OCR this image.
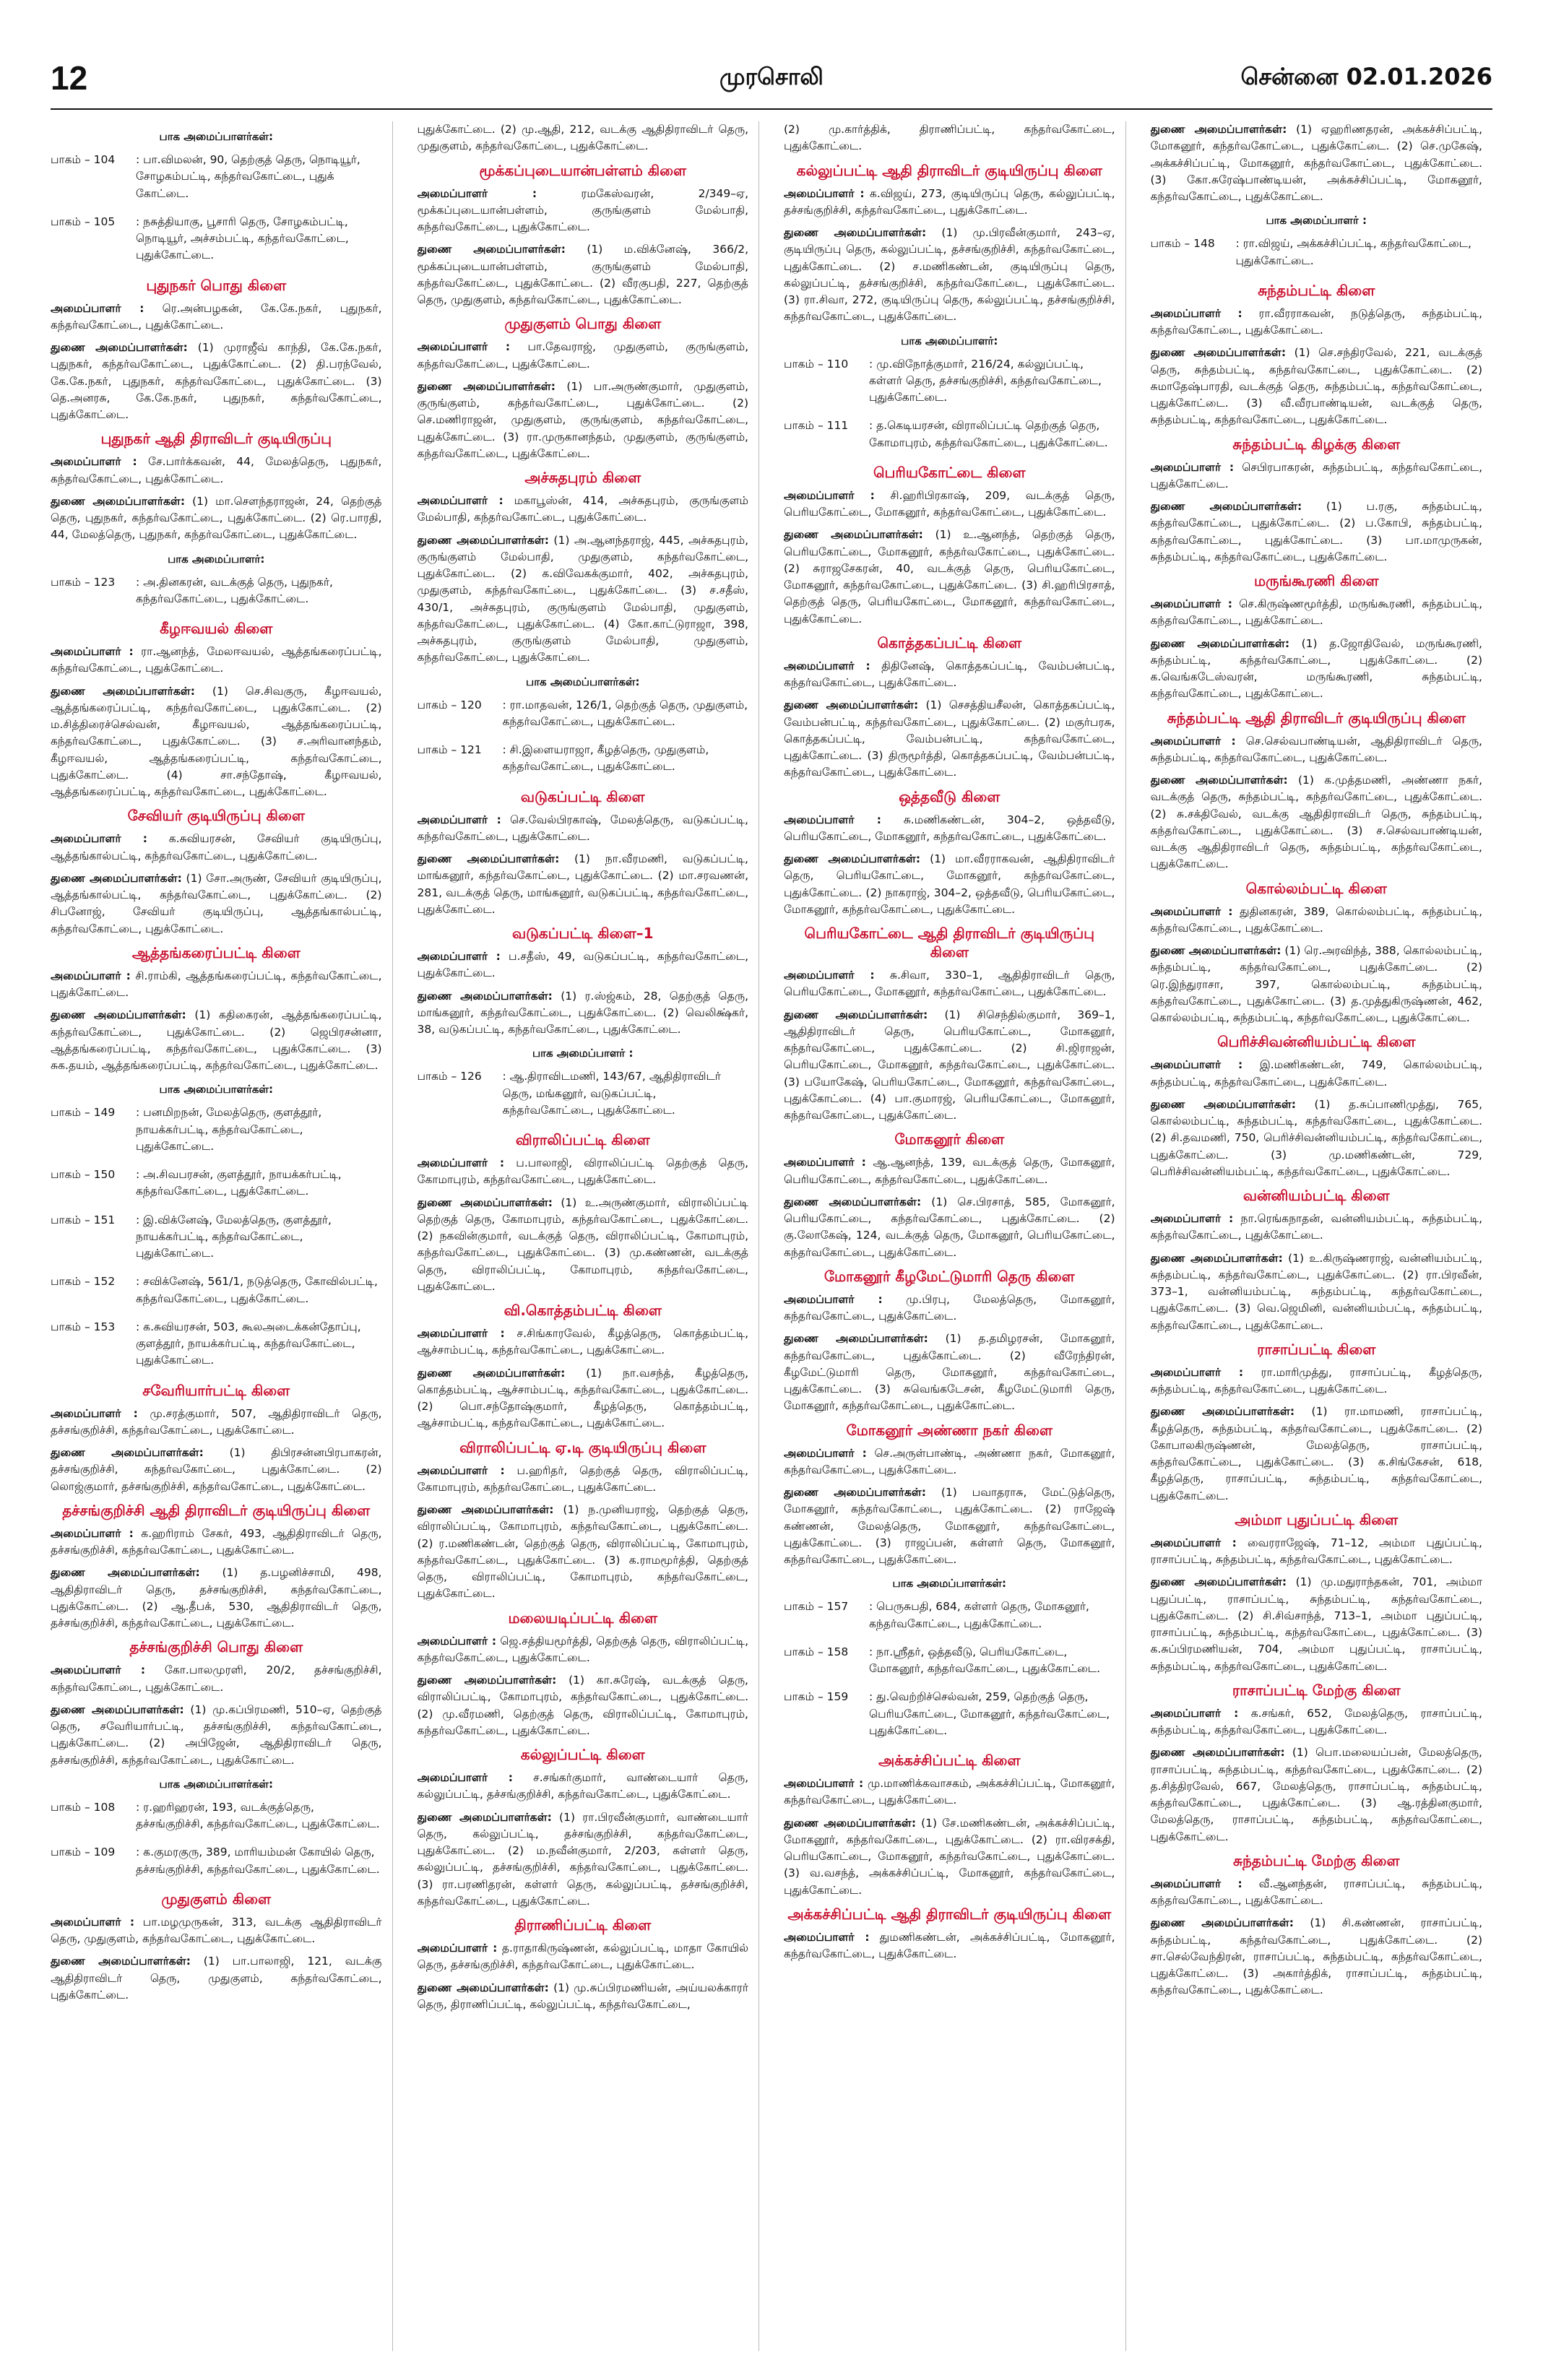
12	முரசொலி	சென்னை 02.01.2026
பாக அமைப்பாளர்கள்:
பாகம் – 104	: பா.விமலன், 90, தெற்குத் தெரு, நொடியூர், சோழகம்பட்டி, கந்தர்வகோட்டை, புதுக் கோட்டை.
பாகம் – 105	: நசுத்தியாகு, பூசாரி தெரு, சோழகம்பட்டி, நொடியூர், அச்சம்பட்டி, கந்தர்வகோட்டை, புதுக்கோட்டை.
புதுநகர் பொது கிளை

அமைப்பாளர் : ரெ.அன்பழகன், கே.கே.நகர், புதுநகர், கந்தர்வகோட்டை, புதுக்கோட்டை.

துணை அமைப்பாளர்கள்: (1) முராஜீவ் காந்தி, கே.கே.நகர், புதுநகர், கந்தர்வகோட்டை, புதுக்கோட்டை. (2) தி.பரந்வேல், கே.கே.நகர், புதுநகர், கந்தர்வகோட்டை, புதுக்கோட்டை. (3) தெ.அனரசு, கே.கே.நகர், புதுநகர், கந்தர்வகோட்டை, புதுக்கோட்டை.

புதுநகர் ஆதி திராவிடர் குடியிருப்பு

அமைப்பாளர் : சே.பார்க்கவன், 44, மேலத்தெரு, புதுநகர், கந்தர்வகோட்டை, புதுக்கோட்டை.

துணை அமைப்பாளர்கள்: (1) மா.சௌந்தராஜன், 24, தெற்குத் தெரு, புதுநகர், கந்தர்வகோட்டை, புதுக்கோட்டை. (2) ரெ.பாரதி, 44, மேலத்தெரு, புதுநகர், கந்தர்வகோட்டை, புதுக்கோட்டை.

பாக அமைப்பாளர்:
பாகம் – 123	: அ.தினகரன், வடக்குத் தெரு, புதுநகர், கந்தர்வகோட்டை, புதுக்கோட்டை.
கீழஈவயல் கிளை

அமைப்பாளர் : ரா.ஆனந்த், மேலஈவயல், ஆத்தங்கரைப்பட்டி, கந்தர்வகோட்டை, புதுக்கோட்டை.

துணை அமைப்பாளர்கள்: (1) செ.சிவகுரு, கீழஈவயல், ஆத்தங்கரைப்பட்டி, கந்தர்வகோட்டை, புதுக்கோட்டை. (2) ம.சித்திரைச்செல்வன், கீழஈவயல், ஆத்தங்கரைப்பட்டி, கந்தர்வகோட்டை, புதுக்கோட்டை. (3) ச.அரிவானந்தம், கீழஈவயல், ஆத்தங்கரைப்பட்டி, கந்தர்வகோட்டை, புதுக்கோட்டை. (4) சா.சந்தோஷ், கீழஈவயல், ஆத்தங்கரைப்பட்டி, கந்தர்வகோட்டை, புதுக்கோட்டை.

சேவியர் குடியிருப்பு கிளை

அமைப்பாளர் : க.சுவியரசன், சேவியர் குடியிருப்பு, ஆத்தங்கால்பட்டி, கந்தர்வகோட்டை, புதுக்கோட்டை.

துணை அமைப்பாளர்கள்: (1) சோ.அருண், சேவியர் குடியிருப்பு, ஆத்தங்கால்பட்டி, கந்தர்வகோட்டை, புதுக்கோட்டை. (2) சிபனோஜ், சேவியர் குடியிருப்பு, ஆத்தங்கால்பட்டி, கந்தர்வகோட்டை, புதுக்கோட்டை.

ஆத்தங்கரைப்பட்டி கிளை

அமைப்பாளர் : சி.ராம்கி, ஆத்தங்கரைப்பட்டி, கந்தர்வகோட்டை, புதுக்கோட்டை.

துணை அமைப்பாளர்கள்: (1) கதிகைரன், ஆத்தங்கரைப்பட்டி, கந்தர்வகோட்டை, புதுக்கோட்டை. (2) ஜெபிரசன்னா, ஆத்தங்கரைப்பட்டி, கந்தர்வகோட்டை, புதுக்கோட்டை. (3) சுக.தயம், ஆத்தங்கரைப்பட்டி, கந்தர்வகோட்டை, புதுக்கோட்டை.

பாக அமைப்பாளர்கள்:
பாகம் – 149	: பனமிறநன், மேலத்தெரு, குளத்தூர், நாயக்கர்பட்டி, கந்தர்வகோட்டை, புதுக்கோட்டை.
பாகம் – 150	: அ.சிவபரசன், குளத்தூர், நாயக்கர்பட்டி, கந்தர்வகோட்டை, புதுக்கோட்டை.
பாகம் – 151	: இ.விக்னேஷ், மேலத்தெரு, குளத்தூர், நாயக்கர்பட்டி, கந்தர்வகோட்டை, புதுக்கோட்டை.
பாகம் – 152	: சவிக்னேஷ், 561/1, நடுத்தெரு, கோவில்பட்டி, கந்தர்வகோட்டை, புதுக்கோட்டை.
பாகம் – 153	: க.சுவியரசன், 503, கூலஅடைக்கன்தோப்பு, குளத்தூர், நாயக்கர்பட்டி, கந்தர்வகோட்டை, புதுக்கோட்டை.
சவேரியார்பட்டி கிளை

அமைப்பாளர் : மு.சரத்குமார், 507, ஆதிதிராவிடர் தெரு, தச்சங்குறிச்சி, கந்தர்வகோட்டை, புதுக்கோட்டை.

துணை அமைப்பாளர்கள்: (1) திபிரசன்னபிரபாகரன், தச்சங்குறிச்சி, கந்தர்வகோட்டை, புதுக்கோட்டை. (2) லொஜ்குமார், தச்சங்குறிச்சி, கந்தர்வகோட்டை, புதுக்கோட்டை.

தச்சங்குறிச்சி ஆதி திராவிடர் குடியிருப்பு கிளை

அமைப்பாளர் : க.ஹரிராம் சேகர், 493, ஆதிதிராவிடர் தெரு, தச்சங்குறிச்சி, கந்தர்வகோட்டை, புதுக்கோட்டை.

துணை அமைப்பாளர்கள்: (1) த.பழனிச்சாமி, 498, ஆதிதிராவிடர் தெரு, தச்சங்குறிச்சி, கந்தர்வகோட்டை, புதுக்கோட்டை. (2) ஆ.தீபக், 530, ஆதிதிராவிடர் தெரு, தச்சங்குறிச்சி, கந்தர்வகோட்டை, புதுக்கோட்டை.

தச்சங்குறிச்சி பொது கிளை

அமைப்பாளர் : கோ.பாலமுரளி, 20/2, தச்சங்குறிச்சி, கந்தர்வகோட்டை, புதுக்கோட்டை.

துணை அமைப்பாளர்கள்: (1) மு.கப்பிரமணி, 510–ஏ, தெற்குத் தெரு, சவேரியார்பட்டி, தச்சங்குறிச்சி, கந்தர்வகோட்டை, புதுக்கோட்டை. (2) அபிஜேன், ஆதிதிராவிடர் தெரு, தச்சங்குறிச்சி, கந்தர்வகோட்டை, புதுக்கோட்டை.

பாக அமைப்பாளர்கள்:
பாகம் – 108	: ர.ஹரிஹரன், 193, வடக்குத்தெரு, தச்சங்குறிச்சி, கந்தர்வகோட்டை, புதுக்கோட்டை.
பாகம் – 109	: க.குமரகுரு, 389, மாரியம்மன் கோயில் தெரு, தச்சங்குறிச்சி, கந்தர்வகோட்டை, புதுக்கோட்டை.
முதுகுளம் கிளை

அமைப்பாளர் : பா.மழமுருகன், 313, வடக்கு ஆதிதிராவிடர் தெரு, முதுகுளம், கந்தர்வகோட்டை, புதுக்கோட்டை.

துணை அமைப்பாளர்கள்: (1) பா.பாலாஜி, 121, வடக்கு ஆதிதிராவிடர் தெரு, முதுகுளம், கந்தர்வகோட்டை, புதுக்கோட்டை.

புதுக்கோட்டை. (2) மு.ஆதி, 212, வடக்கு ஆதிதிராவிடர் தெரு, முதுகுளம், கந்தர்வகோட்டை, புதுக்கோட்டை.

மூக்கப்புடையான்பள்ளம் கிளை

அமைப்பாளர் : ரமகேஸ்வரன், 2/349–ஏ, மூக்கப்புடையான்பள்ளம், குருங்குளம் மேல்பாதி, கந்தர்வகோட்டை, புதுக்கோட்டை.

துணை அமைப்பாளர்கள்: (1) ம.விக்னேஷ், 366/2, மூக்கப்புடையான்பள்ளம், குருங்குளம் மேல்பாதி, கந்தர்வகோட்டை, புதுக்கோட்டை. (2) வீரகுபதி, 227, தெற்குத் தெரு, முதுகுளம், கந்தர்வகோட்டை, புதுக்கோட்டை.

முதுகுளம் பொது கிளை

அமைப்பாளர் : பா.தேவராஜ், முதுகுளம், குருங்குளம், கந்தர்வகோட்டை, புதுக்கோட்டை.

துணை அமைப்பாளர்கள்: (1) பா.அருண்குமார், முதுகுளம், குருங்குளம், கந்தர்வகோட்டை, புதுக்கோட்டை. (2) செ.மணிராஜன், முதுகுளம், குருங்குளம், கந்தர்வகோட்டை, புதுக்கோட்டை. (3) ரா.முருகானந்தம், முதுகுளம், குருங்குளம், கந்தர்வகோட்டை, புதுக்கோட்டை.

அச்சுதபுரம் கிளை

அமைப்பாளர் : மகாபூஸ்ன், 414, அச்சுதபுரம், குருங்குளம் மேல்பாதி, கந்தர்வகோட்டை, புதுக்கோட்டை.

துணை அமைப்பாளர்கள்: (1) அ.ஆனந்தராஜ், 445, அச்சுதபுரம், குருங்குளம் மேல்பாதி, முதுகுளம், கந்தர்வகோட்டை, புதுக்கோட்டை. (2) க.விவேகக்குமார், 402, அச்சுதபுரம், முதுகுளம், கந்தர்வகோட்டை, புதுக்கோட்டை. (3) ச.சதீஸ், 430/1, அச்சுதபுரம், குருங்குளம் மேல்பாதி, முதுகுளம், கந்தர்வகோட்டை, புதுக்கோட்டை. (4) கோ.காட்டுராஜா, 398, அச்சுதபுரம், குருங்குளம் மேல்பாதி, முதுகுளம், கந்தர்வகோட்டை, புதுக்கோட்டை.

பாக அமைப்பாளர்கள்:
பாகம் – 120	: ரா.மாதவன், 126/1, தெற்குத் தெரு, முதுகுளம், கந்தர்வகோட்டை, புதுக்கோட்டை.
பாகம் – 121	: சி.இளையராஜா, கீழத்தெரு, முதுகுளம், கந்தர்வகோட்டை, புதுக்கோட்டை.
வடுகப்பட்டி கிளை

அமைப்பாளர் : செ.வேல்பிரகாஷ், மேலத்தெரு, வடுகப்பட்டி, கந்தர்வகோட்டை, புதுக்கோட்டை.

துணை அமைப்பாளர்கள்: (1) நா.வீரமணி, வடுகப்பட்டி, மாங்கனூர், கந்தர்வகோட்டை, புதுக்கோட்டை. (2) மா.சரவணன், 281, வடக்குத் தெரு, மாங்கனூர், வடுகப்பட்டி, கந்தர்வகோட்டை, புதுக்கோட்டை.

வடுகப்பட்டி கிளை–1

அமைப்பாளர் : ப.சதீஸ், 49, வடுகப்பட்டி, கந்தர்வகோட்டை, புதுக்கோட்டை.

துணை அமைப்பாளர்கள்: (1) ர.ஸ்ஜ்கம், 28, தெற்குத் தெரு, மாங்கனூர், கந்தர்வகோட்டை, புதுக்கோட்டை. (2) வெலிக்ஷ்கர், 38, வடுகப்பட்டி, கந்தர்வகோட்டை, புதுக்கோட்டை.

பாக அமைப்பாளர் :
பாகம் – 126	: ஆ.திராவிடமணி, 143/67, ஆதிதிராவிடர் தெரு, மங்கனூர், வடுகப்பட்டி, கந்தர்வகோட்டை, புதுக்கோட்டை.
விராலிப்பட்டி கிளை

அமைப்பாளர் : ப.பாலாஜி, விராலிப்பட்டி தெற்குத் தெரு, கோமாபுரம், கந்தர்வகோட்டை, புதுக்கோட்டை.

துணை அமைப்பாளர்கள்: (1) உ.அருண்குமார், விராலிப்பட்டி தெற்குத் தெரு, கோமாபுரம், கந்தர்வகோட்டை, புதுக்கோட்டை. (2) நகவின்குமார், வடக்குத் தெரு, விராலிப்பட்டி, கோமாபுரம், கந்தர்வகோட்டை, புதுக்கோட்டை. (3) மு.கண்ணன், வடக்குத் தெரு, விராலிப்பட்டி, கோமாபுரம், கந்தர்வகோட்டை, புதுக்கோட்டை.

வி.கொத்தம்பட்டி கிளை

அமைப்பாளர் : ச.சிங்காரவேல், கீழத்தெரு, கொத்தம்பட்டி, ஆச்சாம்பட்டி, கந்தர்வகோட்டை, புதுக்கோட்டை.

துணை அமைப்பாளர்கள்: (1) நா.வசந்த், கீழத்தெரு, கொத்தம்பட்டி, ஆச்சாம்பட்டி, கந்தர்வகோட்டை, புதுக்கோட்டை. (2) பொ.சந்தோஷ்குமார், கீழத்தெரு, கொத்தம்பட்டி, ஆச்சாம்பட்டி, கந்தர்வகோட்டை, புதுக்கோட்டை.

விராலிப்பட்டி ஏ.டி குடியிருப்பு கிளை

அமைப்பாளர் : ப.ஹரிதர், தெற்குத் தெரு, விராலிப்பட்டி, கோமாபுரம், கந்தர்வகோட்டை, புதுக்கோட்டை.

துணை அமைப்பாளர்கள்: (1) ந.முனியராஜ், தெற்குத் தெரு, விராலிப்பட்டி, கோமாபுரம், கந்தர்வகோட்டை, புதுக்கோட்டை. (2) ர.மணிகண்டன், தெற்குத் தெரு, விராலிப்பட்டி, கோமாபுரம், கந்தர்வகோட்டை, புதுக்கோட்டை. (3) க.ராமமூர்த்தி, தெற்குத் தெரு, விராலிப்பட்டி, கோமாபுரம், கந்தர்வகோட்டை, புதுக்கோட்டை.

மலையடிப்பட்டி கிளை

அமைப்பாளர் : ஜெ.சத்தியமூர்த்தி, தெற்குத் தெரு, விராலிப்பட்டி, கந்தர்வகோட்டை, புதுக்கோட்டை.

துணை அமைப்பாளர்கள்: (1) கா.சுரேஷ், வடக்குத் தெரு, விராலிப்பட்டி, கோமாபுரம், கந்தர்வகோட்டை, புதுக்கோட்டை. (2) மு.வீரமணி, தெற்குத் தெரு, விராலிப்பட்டி, கோமாபுரம், கந்தர்வகோட்டை, புதுக்கோட்டை.

கல்லுப்பட்டி கிளை

அமைப்பாளர் : ச.சங்கர்குமார், வாண்டையார் தெரு, கல்லுப்பட்டி, தச்சங்குறிச்சி, கந்தர்வகோட்டை, புதுக்கோட்டை.

துணை அமைப்பாளர்கள்: (1) ரா.பிரவீன்குமார், வாண்டையார் தெரு, கல்லுப்பட்டி, தச்சங்குறிச்சி, கந்தர்வகோட்டை, புதுக்கோட்டை. (2) ம.நவீன்குமார், 2/203, கள்ளர் தெரு, கல்லுப்பட்டி, தச்சங்குறிச்சி, கந்தர்வகோட்டை, புதுக்கோட்டை. (3) ரா.பரணிதரன், கள்ளர் தெரு, கல்லுப்பட்டி, தச்சங்குறிச்சி, கந்தர்வகோட்டை, புதுக்கோட்டை.

திராணிப்பட்டி கிளை

அமைப்பாளர் : த.ராதாகிருஷ்ணன், கல்லுப்பட்டி, மாதா கோயில் தெரு, தச்சங்குறிச்சி, கந்தர்வகோட்டை, புதுக்கோட்டை.

துணை அமைப்பாளர்கள்: (1) மு.சுப்பிரமணியன், அய்யலக்காரர் தெரு, திராணிப்பட்டி, கல்லுப்பட்டி, கந்தர்வகோட்டை,

(2) மு.கார்த்திக், திராணிப்பட்டி, கந்தர்வகோட்டை, புதுக்கோட்டை.

கல்லுப்பட்டி ஆதி திராவிடர் குடியிருப்பு கிளை

அமைப்பாளர் : க.விஜய், 273, குடியிருப்பு தெரு, கல்லுப்பட்டி, தச்சங்குறிச்சி, கந்தர்வகோட்டை, புதுக்கோட்டை.

துணை அமைப்பாளர்கள்: (1) மு.பிரவீன்குமார், 243–ஏ, குடியிருப்பு தெரு, கல்லுப்பட்டி, தச்சங்குறிச்சி, கந்தர்வகோட்டை, புதுக்கோட்டை. (2) ச.மணிகண்டன், குடியிருப்பு தெரு, கல்லுப்பட்டி, தச்சங்குறிச்சி, கந்தர்வகோட்டை, புதுக்கோட்டை. (3) ரா.சிவா, 272, குடியிருப்பு தெரு, கல்லுப்பட்டி, தச்சங்குறிச்சி, கந்தர்வகோட்டை, புதுக்கோட்டை.

பாக அமைப்பாளர்:
பாகம் – 110	: மு.விநோத்குமார், 216/24, கல்லுப்பட்டி, கள்ளர் தெரு, தச்சங்குறிச்சி, கந்தர்வகோட்டை, புதுக்கோட்டை.
பாகம் – 111	: த.கெடியரசன், விராலிப்பட்டி தெற்குத் தெரு, கோமாபுரம், கந்தர்வகோட்டை, புதுக்கோட்டை.
பெரியகோட்டை கிளை

அமைப்பாளர் : சி.ஹரிபிரகாஷ், 209, வடக்குத் தெரு, பெரியகோட்டை, மோகனூர், கந்தர்வகோட்டை, புதுக்கோட்டை.

துணை அமைப்பாளர்கள்: (1) உ.ஆனந்த், தெற்குத் தெரு, பெரியகோட்டை, மோகனூர், கந்தர்வகோட்டை, புதுக்கோட்டை. (2) சுராஜசேகரன், 40, வடக்குத் தெரு, பெரியகோட்டை, மோகனூர், கந்தர்வகோட்டை, புதுக்கோட்டை. (3) சி.ஹரிபிரசாத், தெற்குத் தெரு, பெரியகோட்டை, மோகனூர், கந்தர்வகோட்டை, புதுக்கோட்டை.

கொத்தகப்பட்டி கிளை

அமைப்பாளர் : திதினேஷ், கொத்தகப்பட்டி, வேம்பன்பட்டி, கந்தர்வகோட்டை, புதுக்கோட்டை.

துணை அமைப்பாளர்கள்: (1) செசத்தியசீலன், கொத்தகப்பட்டி, வேம்பன்பட்டி, கந்தர்வகோட்டை, புதுக்கோட்டை. (2) மகுர்பரசு, கொத்தகப்பட்டி, வேம்பன்பட்டி, கந்தர்வகோட்டை, புதுக்கோட்டை. (3) திருமூர்த்தி, கொத்தகப்பட்டி, வேம்பன்பட்டி, கந்தர்வகோட்டை, புதுக்கோட்டை.

ஒத்தவீடு கிளை

அமைப்பாளர் : சு.மணிகண்டன், 304–2, ஒத்தவீடு, பெரியகோட்டை, மோகனூர், கந்தர்வகோட்டை, புதுக்கோட்டை.

துணை அமைப்பாளர்கள்: (1) மா.வீரராகவன், ஆதிதிராவிடர் தெரு, பெரியகோட்டை, மோகனூர், கந்தர்வகோட்டை, புதுக்கோட்டை. (2) நாகராஜ், 304–2, ஒத்தவீடு, பெரியகோட்டை, மோகனூர், கந்தர்வகோட்டை, புதுக்கோட்டை.

பெரியகோட்டை ஆதி திராவிடர் குடியிருப்பு கிளை

அமைப்பாளர் : சு.சிவா, 330–1, ஆதிதிராவிடர் தெரு, பெரியகோட்டை, மோகனூர், கந்தர்வகோட்டை, புதுக்கோட்டை.

துணை அமைப்பாளர்கள்: (1) சிசெந்தில்குமார், 369–1, ஆதிதிராவிடர் தெரு, பெரியகோட்டை, மோகனூர், கந்தர்வகோட்டை, புதுக்கோட்டை. (2) சி.ஜிராஜன், பெரியகோட்டை, மோகனூர், கந்தர்வகோட்டை, புதுக்கோட்டை. (3) பயோகேஷ், பெரியகோட்டை, மோகனூர், கந்தர்வகோட்டை, புதுக்கோட்டை. (4) பா.குமாரஜ், பெரியகோட்டை, மோகனூர், கந்தர்வகோட்டை, புதுக்கோட்டை.

மோகனூர் கிளை

அமைப்பாளர் : ஆ.ஆனந்த், 139, வடக்குத் தெரு, மோகனூர், பெரியகோட்டை, கந்தர்வகோட்டை, புதுக்கோட்டை.

துணை அமைப்பாளர்கள்: (1) செ.பிரசாத், 585, மோகனூர், பெரியகோட்டை, கந்தர்வகோட்டை, புதுக்கோட்டை. (2) கு.லோகேஷ், 124, வடக்குத் தெரு, மோகனூர், பெரியகோட்டை, கந்தர்வகோட்டை, புதுக்கோட்டை.

மோகனூர் கீழமேட்டுமாரி தெரு கிளை

அமைப்பாளர் : மு.பிரபு, மேலத்தெரு, மோகனூர், கந்தர்வகோட்டை, புதுக்கோட்டை.

துணை அமைப்பாளர்கள்: (1) த.தமிழரசன், மோகனூர், கந்தர்வகோட்டை, புதுக்கோட்டை. (2) வீரேந்திரன், கீழமேட்டுமாரி தெரு, மோகனூர், கந்தர்வகோட்டை, புதுக்கோட்டை. (3) சுவெங்கடேசன், கீழமேட்டுமாரி தெரு, மோகனூர், கந்தர்வகோட்டை, புதுக்கோட்டை.

மோகனூர் அண்ணா நகர் கிளை

அமைப்பாளர் : செ.அருள்பாண்டி, அண்ணா நகர், மோகனூர், கந்தர்வகோட்டை, புதுக்கோட்டை.

துணை அமைப்பாளர்கள்: (1) பவாதராசு, மேட்டுத்தெரு, மோகனூர், கந்தர்வகோட்டை, புதுக்கோட்டை. (2) ராஜேஷ் கண்ணன், மேலத்தெரு, மோகனூர், கந்தர்வகோட்டை, புதுக்கோட்டை. (3) ராஜப்பன், கள்ளர் தெரு, மோகனூர், கந்தர்வகோட்டை, புதுக்கோட்டை.

பாக அமைப்பாளர்கள்:
பாகம் – 157	: பெருசுபதி, 684, கள்ளர் தெரு, மோகனூர், கந்தர்வகோட்டை, புதுக்கோட்டை.
பாகம் – 158	: நா.ஸ்ரீதர், ஒத்தவீடு, பெரியகோட்டை, மோகனூர், கந்தர்வகோட்டை, புதுக்கோட்டை.
பாகம் – 159	: து.வெற்றிச்செல்வன், 259, தெற்குத் தெரு, பெரியகோட்டை, மோகனூர், கந்தர்வகோட்டை, புதுக்கோட்டை.
அக்கச்சிப்பட்டி கிளை

அமைப்பாளர் : மு.மாணிக்கவாசகம், அக்கச்சிப்பட்டி, மோகனூர், கந்தர்வகோட்டை, புதுக்கோட்டை.

துணை அமைப்பாளர்கள்: (1) சே.மணிகண்டன், அக்கச்சிப்பட்டி, மோகனூர், கந்தர்வகோட்டை, புதுக்கோட்டை. (2) ரா.விரசக்தி, பெரியகோட்டை, மோகனூர், கந்தர்வகோட்டை, புதுக்கோட்டை. (3) வ.வசந்த், அக்கச்சிப்பட்டி, மோகனூர், கந்தர்வகோட்டை, புதுக்கோட்டை.

அக்கச்சிப்பட்டி ஆதி திராவிடர் குடியிருப்பு கிளை

அமைப்பாளர் : துமணிகண்டன், அக்கச்சிப்பட்டி, மோகனூர், கந்தர்வகோட்டை, புதுக்கோட்டை.

துணை அமைப்பாளர்கள்: (1) ஏஹரிணதரன், அக்கச்சிப்பட்டி, மோகனூர், கந்தர்வகோட்டை, புதுக்கோட்டை. (2) செ.முகேஷ், அக்கச்சிப்பட்டி, மோகனூர், கந்தர்வகோட்டை, புதுக்கோட்டை. (3) கோ.சுரேஷ்பாண்டியன், அக்கச்சிப்பட்டி, மோகனூர், கந்தர்வகோட்டை, புதுக்கோட்டை.

பாக அமைப்பாளர் :
பாகம் – 148	: ரா.விஜய், அக்கச்சிப்பட்டி, கந்தர்வகோட்டை, புதுக்கோட்டை.
சுந்தம்பட்டி கிளை

அமைப்பாளர் : ரா.வீரராகவன், நடுத்தெரு, சுந்தம்பட்டி, கந்தர்வகோட்டை, புதுக்கோட்டை.

துணை அமைப்பாளர்கள்: (1) செ.சந்திரவேல், 221, வடக்குத் தெரு, சுந்தம்பட்டி, கந்தர்வகோட்டை, புதுக்கோட்டை. (2) சுமாதேஷ்பாரதி, வடக்குத் தெரு, சுந்தம்பட்டி, கந்தர்வகோட்டை, புதுக்கோட்டை. (3) வீ.வீரபாண்டியன், வடக்குத் தெரு, சுந்தம்பட்டி, கந்தர்வகோட்டை, புதுக்கோட்டை.

சுந்தம்பட்டி கிழக்கு கிளை

அமைப்பாளர் : செபிரபாகரன், சுந்தம்பட்டி, கந்தர்வகோட்டை, புதுக்கோட்டை.

துணை அமைப்பாளர்கள்: (1) ப.ரகு, சுந்தம்பட்டி, கந்தர்வகோட்டை, புதுக்கோட்டை. (2) ப.கோபி, சுந்தம்பட்டி, கந்தர்வகோட்டை, புதுக்கோட்டை. (3) பா.மாமுருகன், சுந்தம்பட்டி, கந்தர்வகோட்டை, புதுக்கோட்டை.

மருங்கூரணி கிளை

அமைப்பாளர் : செ.கிருஷ்ணமூர்த்தி, மருங்கூரணி, சுந்தம்பட்டி, கந்தர்வகோட்டை, புதுக்கோட்டை.

துணை அமைப்பாளர்கள்: (1) த.ஜோதிவேல், மருங்கூரணி, சுந்தம்பட்டி, கந்தர்வகோட்டை, புதுக்கோட்டை. (2) க.வெங்கடேஸ்வரன், மருங்கூரணி, சுந்தம்பட்டி, கந்தர்வகோட்டை, புதுக்கோட்டை.

சுந்தம்பட்டி ஆதி திராவிடர் குடியிருப்பு கிளை

அமைப்பாளர் : செ.செல்வபாண்டியன், ஆதிதிராவிடர் தெரு, சுந்தம்பட்டி, கந்தர்வகோட்டை, புதுக்கோட்டை.

துணை அமைப்பாளர்கள்: (1) க.முத்தமணி, அண்ணா நகர், வடக்குத் தெரு, சுந்தம்பட்டி, கந்தர்வகோட்டை, புதுக்கோட்டை. (2) சு.சக்திவேல், வடக்கு ஆதிதிராவிடர் தெரு, சுந்தம்பட்டி, கந்தர்வகோட்டை, புதுக்கோட்டை. (3) ச.செல்வபாண்டியன், வடக்கு ஆதிதிராவிடர் தெரு, சுந்தம்பட்டி, கந்தர்வகோட்டை, புதுக்கோட்டை.

கொல்லம்பட்டி கிளை

அமைப்பாளர் : துதினகரன், 389, கொல்லம்பட்டி, சுந்தம்பட்டி, கந்தர்வகோட்டை, புதுக்கோட்டை.

துணை அமைப்பாளர்கள்: (1) ரெ.அரவிந்த், 388, கொல்லம்பட்டி, சுந்தம்பட்டி, கந்தர்வகோட்டை, புதுக்கோட்டை. (2) ரெ.இந்துராசா, 397, கொல்லம்பட்டி, சுந்தம்பட்டி, கந்தர்வகோட்டை, புதுக்கோட்டை. (3) த.முத்துகிருஷ்ணன், 462, கொல்லம்பட்டி, சுந்தம்பட்டி, கந்தர்வகோட்டை, புதுக்கோட்டை.

பெரிச்சிவன்னியம்பட்டி கிளை

அமைப்பாளர் : இ.மணிகண்டன், 749, கொல்லம்பட்டி, சுந்தம்பட்டி, கந்தர்வகோட்டை, புதுக்கோட்டை.

துணை அமைப்பாளர்கள்: (1) த.சுப்பாணிமுத்து, 765, கொல்லம்பட்டி, சுந்தம்பட்டி, கந்தர்வகோட்டை, புதுக்கோட்டை. (2) சி.தவமணி, 750, பெரிச்சிவன்னியம்பட்டி, கந்தர்வகோட்டை, புதுக்கோட்டை. (3) மு.மணிகண்டன், 729, பெரிச்சிவன்னியம்பட்டி, கந்தர்வகோட்டை, புதுக்கோட்டை.

வன்னியம்பட்டி கிளை

அமைப்பாளர் : நா.ரெங்கநாதன், வன்னியம்பட்டி, சுந்தம்பட்டி, கந்தர்வகோட்டை, புதுக்கோட்டை.

துணை அமைப்பாளர்கள்: (1) உ.கிருஷ்ணராஜ், வன்னியம்பட்டி, சுந்தம்பட்டி, கந்தர்வகோட்டை, புதுக்கோட்டை. (2) ரா.பிரவீன், 373–1, வன்னியம்பட்டி, சுந்தம்பட்டி, கந்தர்வகோட்டை, புதுக்கோட்டை. (3) வெ.ஜெமினி, வன்னியம்பட்டி, சுந்தம்பட்டி, கந்தர்வகோட்டை, புதுக்கோட்டை.

ராசாப்பட்டி கிளை

அமைப்பாளர் : ரா.மாரிமுத்து, ராசாப்பட்டி, கீழத்தெரு, சுந்தம்பட்டி, கந்தர்வகோட்டை, புதுக்கோட்டை.

துணை அமைப்பாளர்கள்: (1) ரா.மாமணி, ராசாப்பட்டி, கீழத்தெரு, சுந்தம்பட்டி, கந்தர்வகோட்டை, புதுக்கோட்டை. (2) கோபாலகிருஷ்ணன், மேலத்தெரு, ராசாப்பட்டி, கந்தர்வகோட்டை, புதுக்கோட்டை. (3) க.சிங்கேசன், 618, கீழத்தெரு, ராசாப்பட்டி, சுந்தம்பட்டி, கந்தர்வகோட்டை, புதுக்கோட்டை.

அம்மா புதுப்பட்டி கிளை

அமைப்பாளர் : வைரராஜேஷ், 71–12, அம்மா புதுப்பட்டி, ராசாப்பட்டி, சுந்தம்பட்டி, கந்தர்வகோட்டை, புதுக்கோட்டை.

துணை அமைப்பாளர்கள்: (1) மு.மதுராந்தகன், 701, அம்மா புதுப்பட்டி, ராசாப்பட்டி, சுந்தம்பட்டி, கந்தர்வகோட்டை, புதுக்கோட்டை. (2) சி.சிவ்சாந்த், 713–1, அம்மா புதுப்பட்டி, ராசாப்பட்டி, சுந்தம்பட்டி, கந்தர்வகோட்டை, புதுக்கோட்டை. (3) க.சுப்பிரமணியன், 704, அம்மா புதுப்பட்டி, ராசாப்பட்டி, சுந்தம்பட்டி, கந்தர்வகோட்டை, புதுக்கோட்டை.

ராசாப்பட்டி மேற்கு கிளை

அமைப்பாளர் : க.சங்கர், 652, மேலத்தெரு, ராசாப்பட்டி, சுந்தம்பட்டி, கந்தர்வகோட்டை, புதுக்கோட்டை.

துணை அமைப்பாளர்கள்: (1) பொ.மலையப்பன், மேலத்தெரு, ராசாப்பட்டி, சுந்தம்பட்டி, கந்தர்வகோட்டை, புதுக்கோட்டை. (2) த.சித்திரவேல், 667, மேலத்தெரு, ராசாப்பட்டி, சுந்தம்பட்டி, கந்தர்வகோட்டை, புதுக்கோட்டை. (3) ஆ.ரத்தினகுமார், மேலத்தெரு, ராசாப்பட்டி, சுந்தம்பட்டி, கந்தர்வகோட்டை, புதுக்கோட்டை.

சுந்தம்பட்டி மேற்கு கிளை

அமைப்பாளர் : வீ.ஆனந்தன், ராசாப்பட்டி, சுந்தம்பட்டி, கந்தர்வகோட்டை, புதுக்கோட்டை.

துணை அமைப்பாளர்கள்: (1) சி.கண்ணன், ராசாப்பட்டி, சுந்தம்பட்டி, கந்தர்வகோட்டை, புதுக்கோட்டை. (2) சா.செல்வேந்திரன், ராசாப்பட்டி, சுந்தம்பட்டி, கந்தர்வகோட்டை, புதுக்கோட்டை. (3) அகார்த்திக், ராசாப்பட்டி, சுந்தம்பட்டி, கந்தர்வகோட்டை, புதுக்கோட்டை.
